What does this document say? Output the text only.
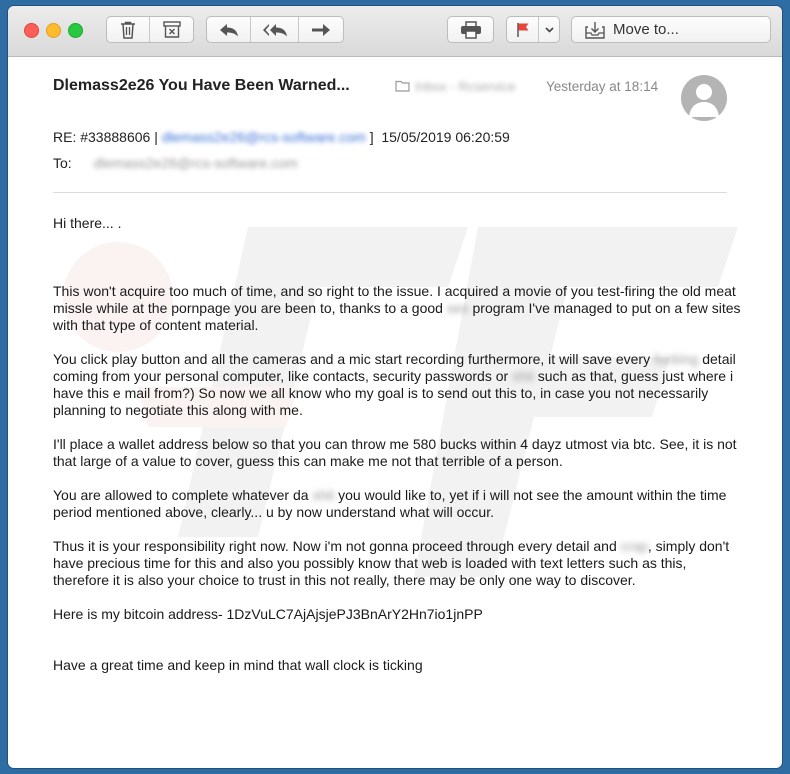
Move to...
Dlemass2e26 You Have Been Warned...	Inbox - Rcservice Yesterday at 18:14
RE: #33888606 | dlemass2e26@rcs-software.com ] 15/05/2019 06:20:59
To: dlemass2e26@rcs-software.com

Hi there... .

This won't acquire too much of time, and so right to the issue. I acquired a movie of you test-firing the old meat missle while at the pornpage you are been to, thanks to a good sex program I've managed to put on a few sites with that type of content material.

You click play button and all the cameras and a mic start recording furthermore, it will save every fucking detail coming from your personal computer, like contacts, security passwords or shit such as that, guess just where i have this e mail from?) So now we all know who my goal is to send out this to, in case you not necessarily planning to negotiate this along with me.

I'll place a wallet address below so that you can throw me 580 bucks within 4 dayz utmost via btc. See, it is not that large of a value to cover, guess this can make me not that terrible of a person.

You are allowed to complete whatever da shit you would like to, yet if i will not see the amount within the time period mentioned above, clearly... u by now understand what will occur.

Thus it is your responsibility right now. Now i'm not gonna proceed through every detail and crap, simply don't have precious time for this and also you possibly know that web is loaded with text letters such as this, therefore it is also your choice to trust in this not really, there may be only one way to discover.

Here is my bitcoin address- 1DzVuLC7AjAjsjePJ3BnArY2Hn7io1jnPP

Have a great time and keep in mind that wall clock is ticking
